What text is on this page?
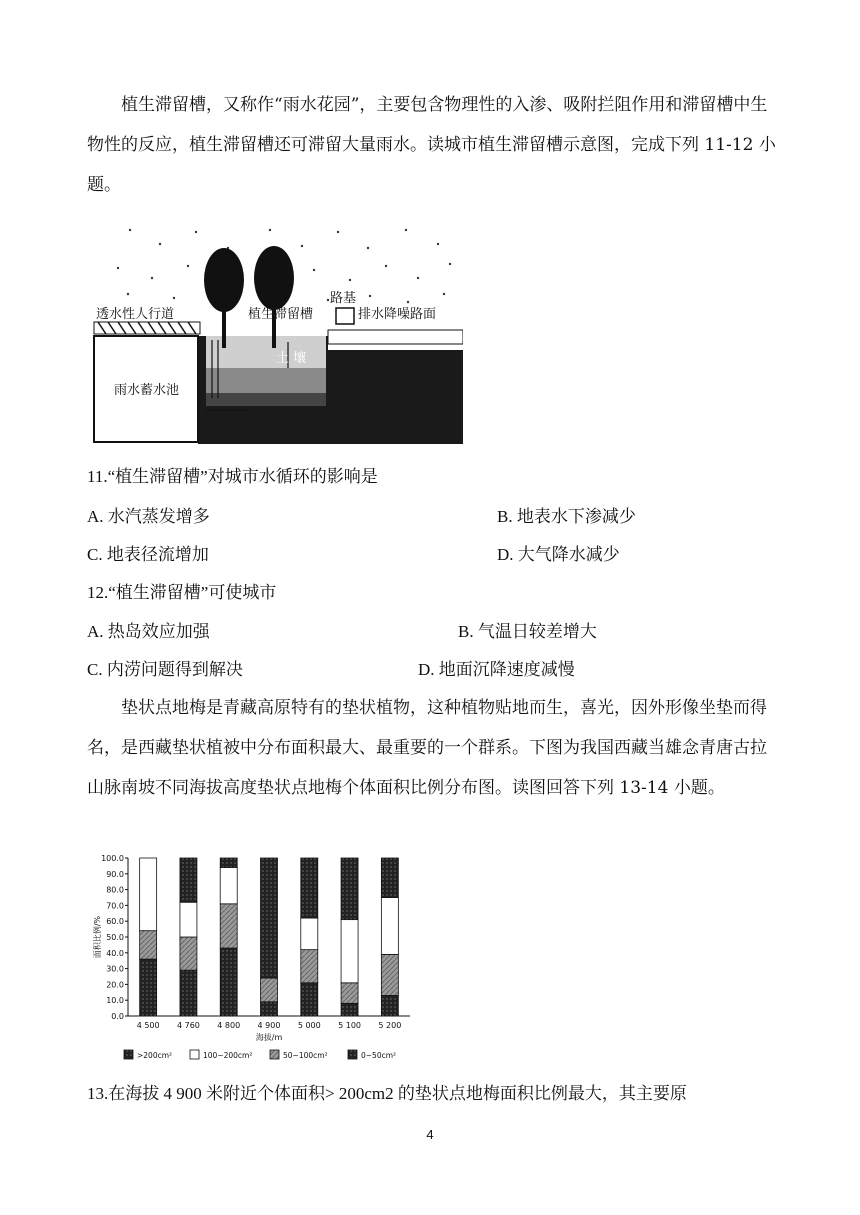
植生滞留槽，又称作“雨水花园”，主要包含物理性的入渗、吸附拦阻作用和滞留槽中生物性的反应，植生滞留槽还可滞留大量雨水。读城市植生滞留槽示意图，完成下列 11-12 小题。
透水性人行道	植生滞留槽
路基
排水降噪路面
土 壤
雨水蓄水池
11.“植生滞留槽”对城市水循环的影响是
A. 水汽蒸发增多	B. 地表水下渗减少
C. 地表径流增加	D. 大气降水减少
12.“植生滞留槽”可使城市
A. 热岛效应加强	B. 气温日较差增大
C. 内涝问题得到解决	D. 地面沉降速度减慢
垫状点地梅是青藏高原特有的垫状植物，这种植物贴地而生，喜光，因外形像坐垫而得名，是西藏垫状植被中分布面积最大、最重要的一个群系。下图为我国西藏当雄念青唐古拉山脉南坡不同海拔高度垫状点地梅个体面积比例分布图。读图回答下列 13-14 小题。
0.0
10.0
20.0
30.0
40.0
50.0
60.0
70.0
80.0
90.0
100.0
面积比例/%
海拔/m
4 500 4 760 4 800 4 900 5 000 5 100 5 200
>200cm²	100~200cm²	50~100cm²	0~50cm²
13.在海拔 4 900 米附近个体面积> 200cm2 的垫状点地梅面积比例最大，其主要原
4
